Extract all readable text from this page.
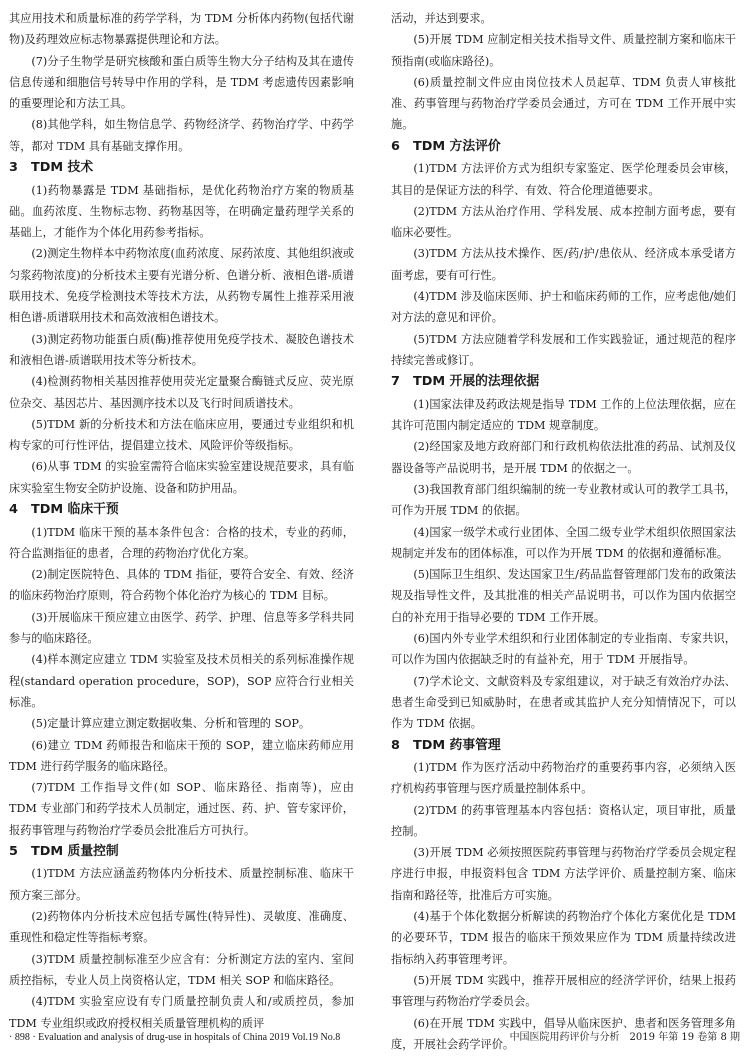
其应用技术和质量标准的药学学科，为 TDM 分析体内药物(包括代谢物)及药理效应标志物暴露提供理论和方法。

(7)分子生物学是研究核酸和蛋白质等生物大分子结构及其在遗传信息传递和细胞信号转导中作用的学科，是 TDM 考虑遗传因素影响的重要理论和方法工具。

(8)其他学科，如生物信息学、药物经济学、药物治疗学、中药学等，都对 TDM 具有基础支撑作用。

3 TDM 技术

(1)药物暴露是 TDM 基础指标，是优化药物治疗方案的物质基础。血药浓度、生物标志物、药物基因等，在明确定量药理学关系的基础上，才能作为个体化用药参考指标。

(2)测定生物样本中药物浓度(血药浓度、尿药浓度、其他组织液或匀浆药物浓度)的分析技术主要有光谱分析、色谱分析、液相色谱-质谱联用技术、免疫学检测技术等技术方法，从药物专属性上推荐采用液相色谱-质谱联用技术和高效液相色谱技术。

(3)测定药物功能蛋白质(酶)推荐使用免疫学技术、凝胶色谱技术和液相色谱-质谱联用技术等分析技术。

(4)检测药物相关基因推荐使用荧光定量聚合酶链式反应、荧光原位杂交、基因芯片、基因测序技术以及飞行时间质谱技术。

(5)TDM 新的分析技术和方法在临床应用，要通过专业组织和机构专家的可行性评估，提倡建立技术、风险评价等级指标。

(6)从事 TDM 的实验室需符合临床实验室建设规范要求，具有临床实验室生物安全防护设施、设备和防护用品。

4 TDM 临床干预

(1)TDM 临床干预的基本条件包含：合格的技术，专业的药师，符合监测指征的患者，合理的药物治疗优化方案。

(2)制定医院特色、具体的 TDM 指征，要符合安全、有效、经济的临床药物治疗原则，符合药物个体化治疗为核心的 TDM 目标。

(3)开展临床干预应建立由医学、药学、护理、信息等多学科共同参与的临床路径。

(4)样本测定应建立 TDM 实验室及技术员相关的系列标准操作规程(standard operation procedure，SOP)，SOP 应符合行业相关标准。

(5)定量计算应建立测定数据收集、分析和管理的 SOP。

(6)建立 TDM 药师报告和临床干预的 SOP，建立临床药师应用 TDM 进行药学服务的临床路径。

(7)TDM 工作指导文件(如 SOP、临床路径、指南等)，应由 TDM 专业部门和药学技术人员制定，通过医、药、护、管专家评价，报药事管理与药物治疗学委员会批准后方可执行。

5 TDM 质量控制

(1)TDM 方法应涵盖药物体内分析技术、质量控制标准、临床干预方案三部分。

(2)药物体内分析技术应包括专属性(特异性)、灵敏度、准确度、重现性和稳定性等指标考察。

(3)TDM 质量控制标准至少应含有：分析测定方法的室内、室间质控指标，专业人员上岗资格认定，TDM 相关 SOP 和临床路径。

(4)TDM 实验室应设有专门质量控制负责人和/或质控员，参加 TDM 专业组织或政府授权相关质量管理机构的质评

活动，并达到要求。

(5)开展 TDM 应制定相关技术指导文件、质量控制方案和临床干预指南(或临床路径)。

(6)质量控制文件应由岗位技术人员起草、TDM 负责人审核批准、药事管理与药物治疗学委员会通过，方可在 TDM 工作开展中实施。

6 TDM 方法评价

(1)TDM 方法评价方式为组织专家鉴定、医学伦理委员会审核，其目的是保证方法的科学、有效、符合伦理道德要求。

(2)TDM 方法从治疗作用、学科发展、成本控制方面考虑，要有临床必要性。

(3)TDM 方法从技术操作、医/药/护/患依从、经济成本承受诸方面考虑，要有可行性。

(4)TDM 涉及临床医师、护士和临床药师的工作，应考虑他/她们对方法的意见和评价。

(5)TDM 方法应随着学科发展和工作实践验证，通过规范的程序持续完善或修订。

7 TDM 开展的法理依据

(1)国家法律及药政法规是指导 TDM 工作的上位法理依据，应在其许可范围内制定适应的 TDM 规章制度。

(2)经国家及地方政府部门和行政机构依法批准的药品、试剂及仪器设备等产品说明书，是开展 TDM 的依据之一。

(3)我国教育部门组织编制的统一专业教材或认可的教学工具书，可作为开展 TDM 的依据。

(4)国家一级学术或行业团体、全国二级专业学术组织依照国家法规制定并发布的团体标准，可以作为开展 TDM 的依据和遵循标准。

(5)国际卫生组织、发达国家卫生/药品监督管理部门发布的政策法规及指导性文件，及其批准的相关产品说明书，可以作为国内依据空白的补充用于指导必要的 TDM 工作开展。

(6)国内外专业学术组织和行业团体制定的专业指南、专家共识，可以作为国内依据缺乏时的有益补充，用于 TDM 开展指导。

(7)学术论文、文献资料及专家组建议，对于缺乏有效治疗办法、患者生命受到已知威胁时，在患者或其监护人充分知情情况下，可以作为 TDM 依据。

8 TDM 药事管理

(1)TDM 作为医疗活动中药物治疗的重要药事内容，必须纳入医疗机构药事管理与医疗质量控制体系中。

(2)TDM 的药事管理基本内容包括：资格认定，项目审批，质量控制。

(3)开展 TDM 必须按照医院药事管理与药物治疗学委员会规定程序进行申报，申报资料包含 TDM 方法学评价、质量控制方案、临床指南和路径等，批准后方可实施。

(4)基于个体化数据分析解读的药物治疗个体化方案优化是 TDM 的必要环节，TDM 报告的临床干预效果应作为 TDM 质量持续改进指标纳入药事管理考评。

(5)开展 TDM 实践中，推荐开展相应的经济学评价，结果上报药事管理与药物治疗学委员会。

(6)在开展 TDM 实践中，倡导从临床医护、患者和医务管理多角度，开展社会药学评价。

· 898 · Evaluation and analysis of drug-use in hospitals of China 2019 Vol.19 No.8	中国医院用药评价与分析　2019 年第 19 卷第 8 期
